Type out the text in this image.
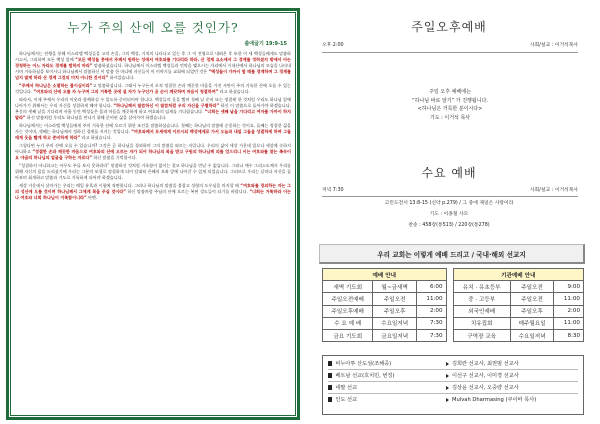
누가 주의 산에 오를 것인가?
출애굽기 19:9-15

하나님께서는 전쟁을 통해 이스라엘 백성들을 고의 손을, 그의 백성, 기적의 나타나고 있는 후 그 이 진영으로 내려온 후 또한 이 세 백성들에게도 말씀하시고서, 그리하여 모든 백성 앞에 “모든 백성들 중에서 주께서 원하는 성에서 여호와를 기다리라 하라. 산 경계 요소에서 그 경계를 정하셨지 밖에서 아는 경청하는 어느 자라도 경계를 범하지 마라” 말씀하셨습니다. 하나님께서 이스라엘 백성들과 언약을 맺으시는 자리에서 시내산에서 하나님의 모습을 나타내시며 거룩하심을 보이시니 하나님께서 말씀하신 이 말씀 한 마디에 자신들이 이 이야기를 교회에 되었던 것은 “백성들이 가까이 할 때를 경계하며 그 경계를 넘지 말게 하라 산 경계 그것의 미치 아니한 것이라” 하시었습니다.

“주께서 하나님은 소멸하는 불이심이라”고 말씀하십니다. 그래서 누구든지 오직 정결한 손과 깨끗한 마음을 가진 자만이 주의 거룩한 산에 오를 수 있는 것입니다. “여호와의 산에 오를 자 누구며 그의 거룩한 곳에 설 자가 누구인가 곧 손이 깨끗하며 마음이 청결하며” 라고 하셨습니다.

따라서, 이제 주께서 우리의 이웃과 함께하실 수 있도록 준비되어야 합니다. 백성들의 옷을 빨며 첫째 날 준비 또는 정결케 한 것처럼 우리도 하나님 앞에 나아가기 위해서는 우리 자신을 성결하게 해야 합니다. “하나님께서 말씀하신 이 말씀처럼 우리 자신을 구별하라” 하신 이 말씀으로 돌아가야 하겠습니다. 본문의 셋째 날을 기다리며 사흘 동안 백성들은 몸과 마음을 깨끗하게 하고 여호와의 임재를 기다렸습니다. “너희는 셋째 날을 기다리고 여자를 가까이 하지 말라” 하신 말씀처럼 우리도 하나님을 만나기 위해 준비된 삶을 살아가야 하겠습니다.

하나님께서는 이스라엘 백성들에게 주의 거룩한 산에 오르기 위한 조건을 말씀하셨습니다. 첫째는 하나님의 말씀에 순종하는 것이요, 둘째는 정결한 삶을 사는 것이며, 셋째는 하나님께서 정하신 경계를 지키는 것입니다. “여호와께서 모세에게 이르시되 백성에게로 가서 오늘과 내일 그들을 성결하게 하며 그들에게 옷을 빨게 하고 준비하게 하라” 라고 하셨습니다.

그렇다면 누가 주의 산에 오를 수 있습니까? 그것은 곧 하나님을 경외하며 그의 말씀을 따르는 자입니다. 우리의 삶이 세상 가운데 있으나 세상에 속하지 아니하고 “정결한 손과 깨끗한 마음으로 여호와의 산에 오르는 자가 되어 하나님의 복을 받고 구원의 하나님께 의를 얻으리니 이는 여호와를 찾는 족속이요 야곱의 하나님의 얼굴을 구하는 자로다” 하신 말씀을 기억합시다.

“성결하지 아니하고는 아무도 주를 보지 못하리라” 말씀하신 것처럼 거룩함이 없이는 결코 하나님을 만날 수 없습니다. 그러나 예수 그리스도께서 우리를 위해 자신의 몸을 드리셨기에 우리는 그분의 보혈로 정결하게 되어 담대히 은혜의 보좌 앞에 나아갈 수 있게 되었습니다. 그러므로 우리는 날마다 자신을 돌아보며 회개하고 말씀과 기도로 거룩하게 되어야 하겠습니다.

세상 가운데서 살아가는 우리는 매일 유혹과 시험에 직면합니다. 그러나 하나님의 말씀을 붙잡고 성령의 도우심을 의지할 때 “여호와를 경외하는 자는 그의 성산에 오를 것이며 하나님께서 그에게 복을 주실 것이라” 하신 말씀처럼 주님의 산에 오르는 복된 성도들이 되기를 바랍니다. “너희는 거룩하라 이는 나 여호와 너희 하나님이 거룩함이니라” 아멘.

주일오후예배
오후 2:00	사회/설교 : 이거석목사
주일 오후 예배에는
“하나님 바로 알기” 가 진행됩니다.
<하나님은 거룩한 분이시다>
기도 : 이거석 목사
수요 예배
저녁 7:30	사회/설교 : 이거석목사
고린도전서 13:8-15 (신약 p.279) / 그 중에 제일은 사랑이라
기도 : 이종철 사모
찬송 : 458장(통513) / 220장(통278)
우리 교회는 이렇게 예배 드리고 / 국내·해외 선교지
예배 안내				기관예배 안내		
새벽 기도회	월~금새벽	6:00		유치 · 유초등부	주일오전	9:00
주일오전예배	주일오전	11:00		중 · 고등부	주일오전	11:00
주일오후예배	주일오후	2:00		외국인예배	주일오후	2:00
수 요 예 배	수요일저녁	7:30		치유집회	매주월요일	11:00
금요 기도회	금요일저녁	7:30		구역장 교육	수요일저녁	8:30
비누아투 산도섬(조해중)	김희란 선교사, 최권범 선교사
베트남 선교(호치민, 번징)	이선구 선교사, 이미경 선교사
네팔 선교	김상윤 선교사, 오중량 선교사
인도 선교	Mulvah Dharmasing (쿠이바 목사)
